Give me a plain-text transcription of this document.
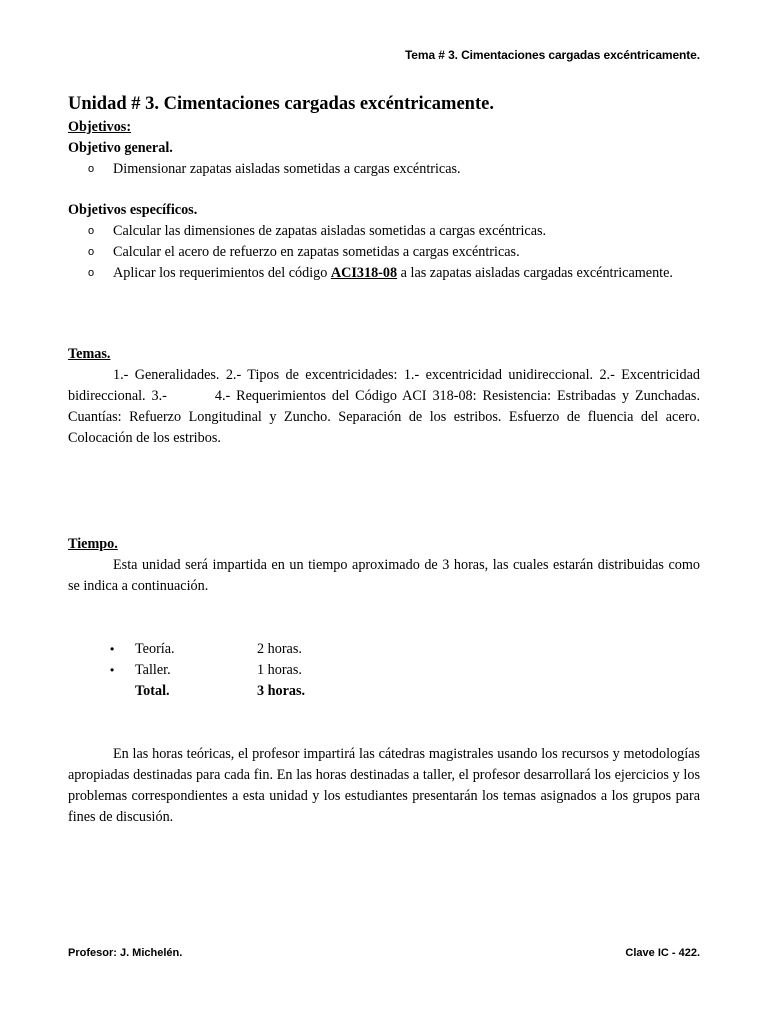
Tema # 3. Cimentaciones cargadas excéntricamente.
Unidad # 3. Cimentaciones cargadas excéntricamente.
Objetivos:
Objetivo general.
o Dimensionar zapatas aisladas sometidas a cargas excéntricas.
Objetivos específicos.
o Calcular las dimensiones de zapatas aisladas sometidas a cargas excéntricas.
o Calcular el acero de refuerzo en zapatas sometidas a cargas excéntricas.
o Aplicar los requerimientos del código ACI318-08 a las zapatas aisladas cargadas excéntricamente.
Temas.
1.- Generalidades. 2.- Tipos de excentricidades: 1.- excentricidad unidireccional. 2.- Excentricidad bidireccional. 3.-	4.- Requerimientos del Código ACI 318-08: Resistencia: Estribadas y Zunchadas. Cuantías: Refuerzo Longitudinal y Zuncho. Separación de los estribos. Esfuerzo de fluencia del acero. Colocación de los estribos.
Tiempo.
Esta unidad será impartida en un tiempo aproximado de 3 horas, las cuales estarán distribuidas como se indica a continuación.
•	Teoría.	2 horas.
•	Taller.	1 horas.
	Total.	3 horas.
En las horas teóricas, el profesor impartirá las cátedras magistrales usando los recursos y metodologías apropiadas destinadas para cada fin. En las horas destinadas a taller, el profesor desarrollará los ejercicios y los problemas correspondientes a esta unidad y los estudiantes presentarán los temas asignados a los grupos para fines de discusión.
Profesor: J. Michelén.	Clave IC - 422.
